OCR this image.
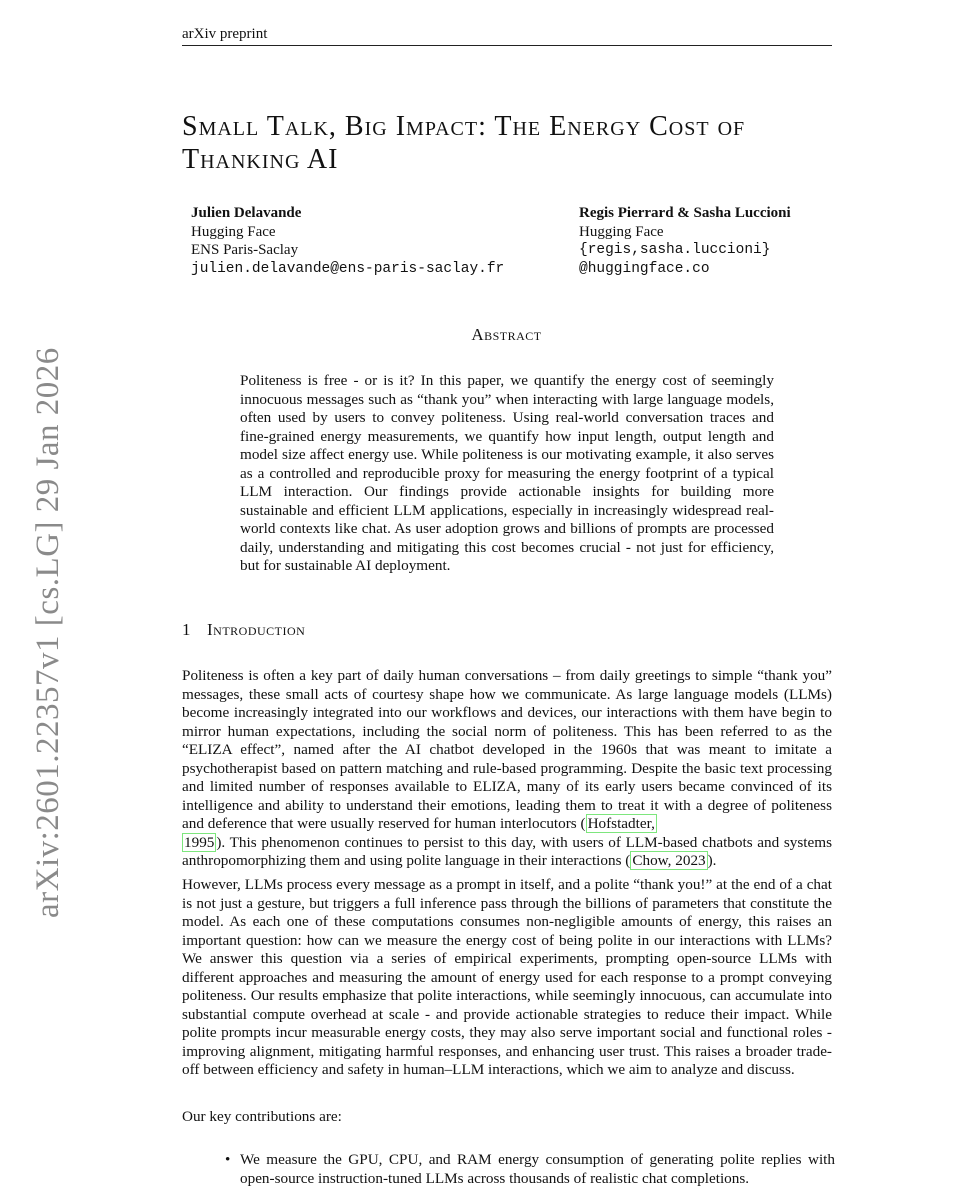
arXiv preprint
arXiv:2601.22357v1 [cs.LG] 29 Jan 2026
Small Talk, Big Impact: The Energy Cost of
Thanking AI
Julien Delavande
Hugging Face
ENS Paris-Saclay
julien.delavande@ens-paris-saclay.fr
Regis Pierrard & Sasha Luccioni
Hugging Face
{regis,sasha.luccioni}
@huggingface.co
Abstract

Politeness is free - or is it? In this paper, we quantify the energy cost of seemingly innocuous messages such as “thank you” when interacting with large language models, often used by users to convey politeness. Using real-world conversation traces and fine-grained energy measurements, we quantify how input length, output length and model size affect energy use. While politeness is our motivating example, it also serves as a controlled and reproducible proxy for measuring the energy footprint of a typical LLM interaction. Our findings provide actionable insights for building more sustainable and efficient LLM applications, especially in increasingly widespread real-world contexts like chat. As user adoption grows and billions of prompts are processed daily, understanding and mitigating this cost becomes crucial - not just for efficiency, but for sustainable AI deployment.

1 Introduction

Politeness is often a key part of daily human conversations – from daily greetings to simple “thank you” messages, these small acts of courtesy shape how we communicate. As large language models (LLMs) become increasingly integrated into our workflows and devices, our interactions with them have begin to mirror human expectations, including the social norm of politeness. This has been referred to as the “ELIZA effect”, named after the AI chatbot developed in the 1960s that was meant to imitate a psychotherapist based on pattern matching and rule-based programming. Despite the basic text processing and limited number of responses available to ELIZA, many of its early users became convinced of its intelligence and ability to understand their emotions, leading them to treat it with a degree of politeness and deference that were usually reserved for human interlocutors ( Hofstadter,
1995 ). This phenomenon continues to persist to this day, with users of LLM-based chatbots and systems anthropomorphizing them and using polite language in their interactions ( Chow, 2023 ).

However, LLMs process every message as a prompt in itself, and a polite “thank you!” at the end of a chat is not just a gesture, but triggers a full inference pass through the billions of parameters that constitute the model. As each one of these computations consumes non-negligible amounts of energy, this raises an important question: how can we measure the energy cost of being polite in our interactions with LLMs? We answer this question via a series of empirical experiments, prompting open-source LLMs with different approaches and measuring the amount of energy used for each response to a prompt conveying politeness. Our results emphasize that polite interactions, while seemingly innocuous, can accumulate into substantial compute overhead at scale - and provide actionable strategies to reduce their impact. While polite prompts incur measurable energy costs, they may also serve important social and functional roles - improving alignment, mitigating harmful responses, and enhancing user trust. This raises a broader trade-off between efficiency and safety in human–LLM interactions, which we aim to analyze and discuss.

Our key contributions are:

• We measure the GPU, CPU, and RAM energy consumption of generating polite replies with open-source instruction-tuned LLMs across thousands of realistic chat completions.
